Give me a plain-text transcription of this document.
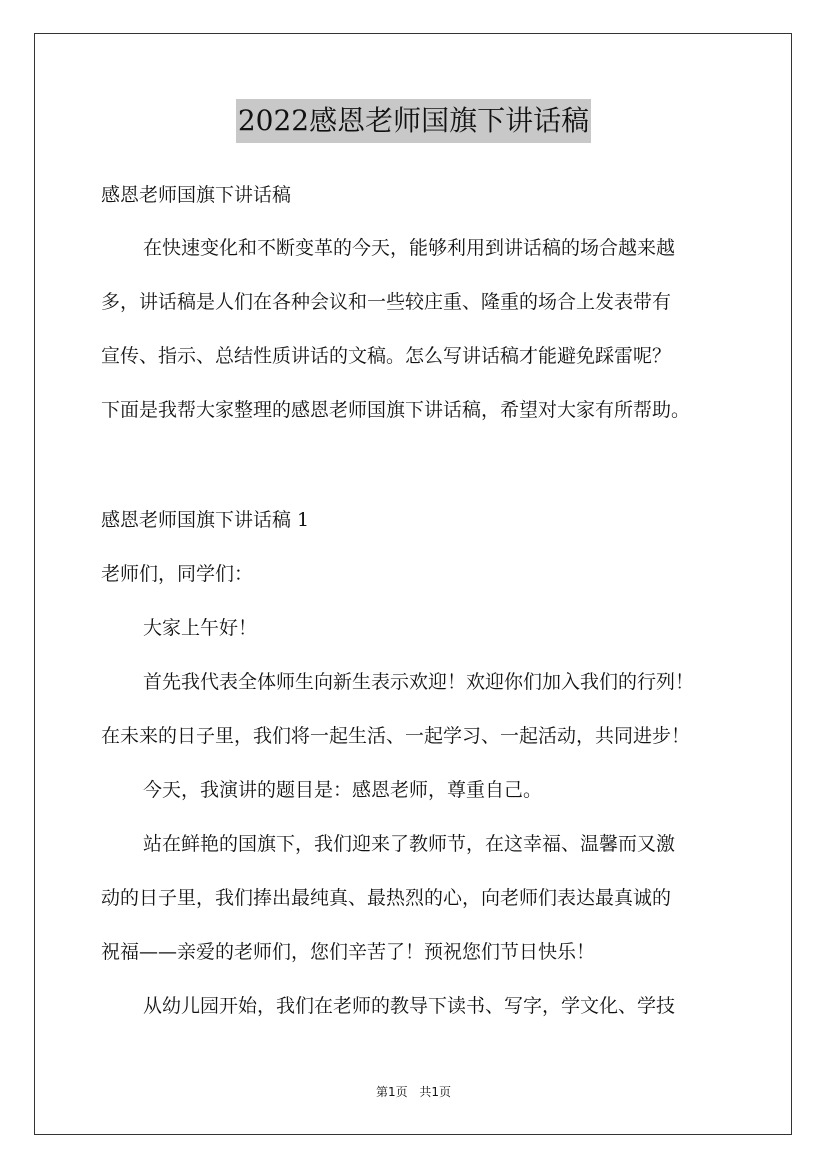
2022感恩老师国旗下讲话稿
感恩老师国旗下讲话稿
在快速变化和不断变革的今天，能够利用到讲话稿的场合越来越
多，讲话稿是人们在各种会议和一些较庄重、隆重的场合上发表带有
宣传、指示、总结性质讲话的文稿。怎么写讲话稿才能避免踩雷呢？
下面是我帮大家整理的感恩老师国旗下讲话稿，希望对大家有所帮助。
感恩老师国旗下讲话稿 1
老师们，同学们：
大家上午好！
首先我代表全体师生向新生表示欢迎！欢迎你们加入我们的行列！
在未来的日子里，我们将一起生活、一起学习、一起活动，共同进步！
今天，我演讲的题目是：感恩老师，尊重自己。
站在鲜艳的国旗下，我们迎来了教师节，在这幸福、温馨而又激
动的日子里，我们捧出最纯真、最热烈的心，向老师们表达最真诚的
祝福——亲爱的老师们，您们辛苦了！预祝您们节日快乐！
从幼儿园开始，我们在老师的教导下读书、写字，学文化、学技
第1页 共1页
